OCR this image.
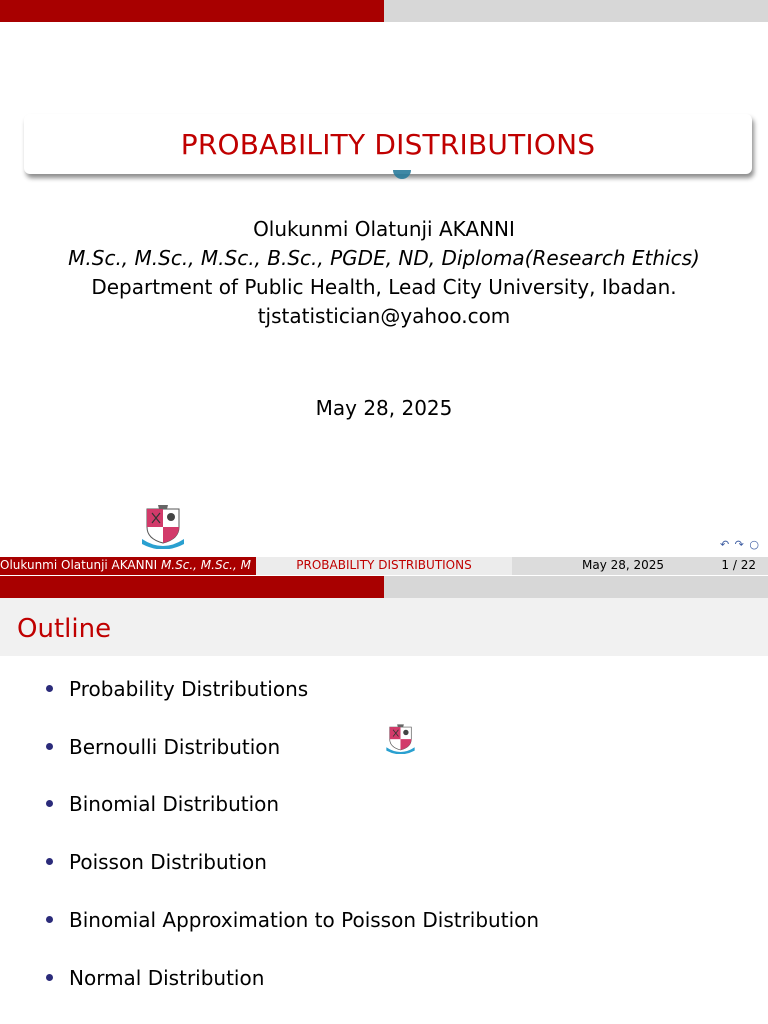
PROBABILITY DISTRIBUTIONS
Olukunmi Olatunji AKANNI
M.Sc., M.Sc., M.Sc., B.Sc., PGDE, ND, Diploma(Research Ethics)
Department of Public Health, Lead City University, Ibadan.
tjstatistician@yahoo.com
May 28, 2025
↶ ↷ ○
Olukunmi Olatunji AKANNI M.Sc., M.Sc., M	PROBABILITY DISTRIBUTIONS	May 28, 2025	1 / 22
Outline
Probability Distributions
Bernoulli Distribution
Binomial Distribution
Poisson Distribution
Binomial Approximation to Poisson Distribution
Normal Distribution
